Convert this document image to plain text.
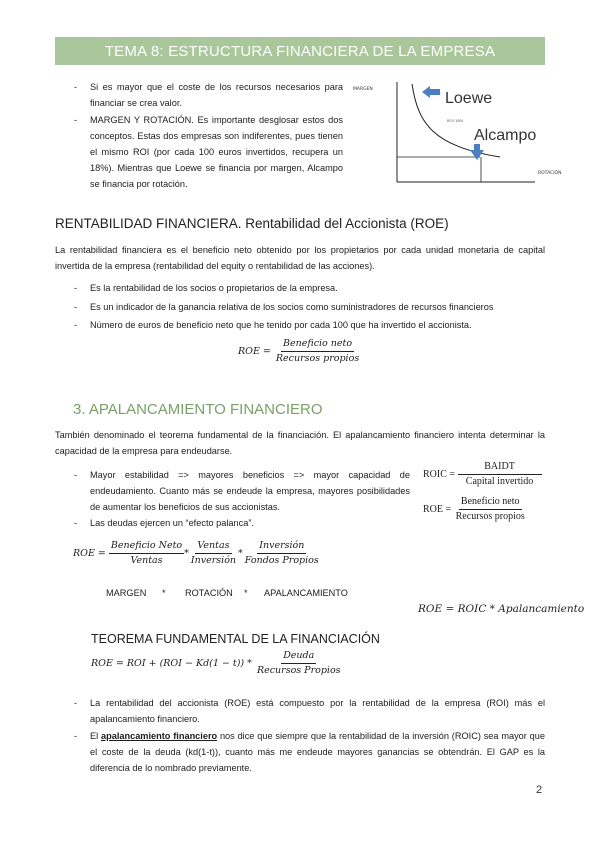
TEMA 8: ESTRUCTURA FINANCIERA DE LA EMPRESA
- Si es mayor que el coste de los recursos necesarios para financiar se crea valor.
- MARGEN Y ROTACIÓN. Es importante desglosar estos dos conceptos. Estas dos empresas son indiferentes, pues tienen el mismo ROI (por cada 100 euros invertidos, recupera un 18%). Mientras que Loewe se financia por margen, Alcampo se financia por rotación.
MARGEN
ROI 18%
Loewe
Alcampo
ROTACIÓN
RENTABILIDAD FINANCIERA. Rentabilidad del Accionista (ROE)
La rentabilidad financiera es el beneficio neto obtenido por los propietarios por cada unidad monetaria de capital invertida de la empresa (rentabilidad del equity o rentabilidad de las acciones).
- Es la rentabilidad de los socios o propietarios de la empresa.
- Es un indicador de la ganancia relativa de los socios como suministradores de recursos financieros
- Número de euros de beneficio neto que he tenido por cada 100 que ha invertido el accionista.
ROE = $\frac{\text{Beneficio neto}}{\text{Recursos propios}}$
3. APALANCAMIENTO FINANCIERO
También denominado el teorema fundamental de la financiación. El apalancamiento financiero intenta determinar la capacidad de la empresa para endeudarse.
- Mayor estabilidad => mayores beneficios => mayor capacidad de endeudamiento. Cuanto más se endeude la empresa, mayores posibilidades de aumentar los beneficios de sus accionistas.
- Las deudas ejercen un “efecto palanca”.
ROIC = $\frac{\text{BAIDT}}{\text{Capital invertido}}$
ROE = $\frac{\text{Beneficio neto}}{\text{Recursos propios}}$
ROE = $\frac{\text{Beneficio Neto}}{\text{Ventas}} * \frac{\text{Ventas}}{\text{Inversión}} * \frac{\text{Inversión}}{\text{Fondos Propios}}$
MARGEN * ROTACIÓN * APALANCAMIENTO
ROE = ROIC * Apalancamiento
TEOREMA FUNDAMENTAL DE LA FINANCIACIÓN
ROE = ROI + $(ROI - Kd(1 - t)) * \frac{\text{Deuda}}{\text{Recursos Propios}}$
- La rentabilidad del accionista (ROE) está compuesto por la rentabilidad de la empresa (ROI) más el apalancamiento financiero.
- El apalancamiento financiero nos dice que siempre que la rentabilidad de la inversión (ROIC) sea mayor que el coste de la deuda (kd(1-t)), cuanto más me endeude mayores ganancias se obtendrán. El GAP es la diferencia de lo nombrado previamente.
2
